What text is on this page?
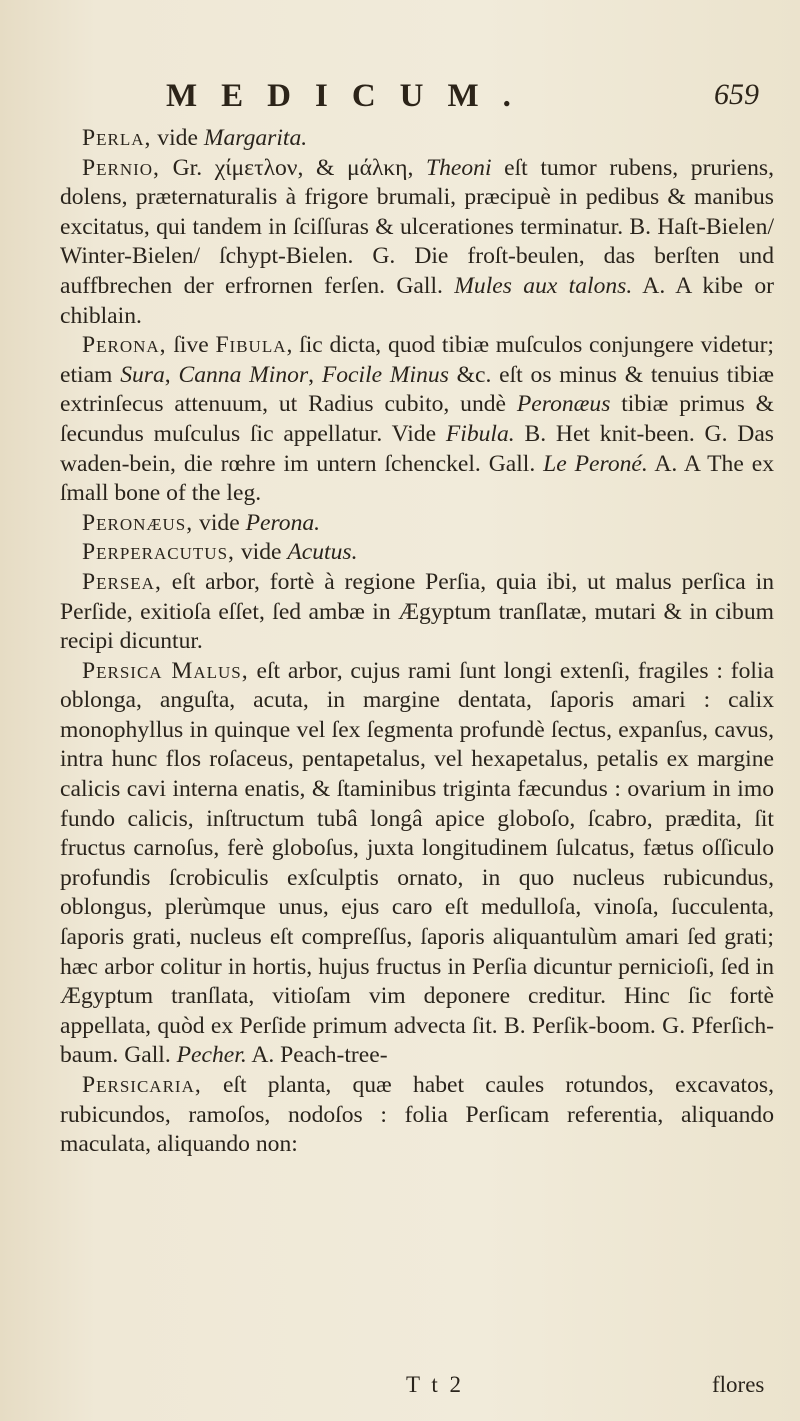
MEDICUM.	659

Perla, vide Margarita.

Pernio, Gr. χίμετλον, & μάλκη, Theoni eſt tumor rubens, pruriens, dolens, præternaturalis à frigore brumali, præcipuè in pedibus & manibus excitatus, qui tandem in ſciſſuras & ulcerationes terminatur. B. Haſt-Bielen/ Winter-Bielen/ ſchypt-Bielen. G. Die froſt-beulen, das berſten und auffbrechen der erfrornen ferſen. Gall. Mules aux talons. A. A kibe or chiblain.

Perona, ſive Fibula, ſic dicta, quod tibiæ muſculos conjungere videtur; etiam Sura, Canna Minor, Focile Minus &c. eſt os minus & tenuius tibiæ extrinſecus attenuum, ut Radius cubito, undè Peronæus tibiæ primus & ſecundus muſculus ſic appellatur. Vide Fibula. B. Het knit-been. G. Das waden-bein, die rœhre im untern ſchenckel. Gall. Le Peroné. A. A The ex ſmall bone of the leg.

Peronæus, vide Perona.

Perperacutus, vide Acutus.

Persea, eſt arbor, fortè à regione Perſia, quia ibi, ut malus perſica in Perſide, exitioſa eſſet, ſed ambæ in Ægyptum tranſlatæ, mutari & in cibum recipi dicuntur.

Persica Malus, eſt arbor, cujus rami ſunt longi extenſi, fragiles : folia oblonga, anguſta, acuta, in margine dentata, ſaporis amari : calix monophyllus in quinque vel ſex ſegmenta profundè ſectus, expanſus, cavus, intra hunc flos roſaceus, pentapetalus, vel hexapetalus, petalis ex margine calicis cavi interna enatis, & ſtaminibus triginta fæcundus : ovarium in imo fundo calicis, inſtructum tubâ longâ apice globoſo, ſcabro, prædita, ſit fructus carnoſus, ferè globoſus, juxta longitudinem ſulcatus, fætus oſſiculo profundis ſcrobiculis exſculptis ornato, in quo nucleus rubicundus, oblongus, plerùmque unus, ejus caro eſt medulloſa, vinoſa, ſucculenta, ſaporis grati, nucleus eſt compreſſus, ſaporis aliquantulùm amari ſed grati; hæc arbor colitur in hortis, hujus fructus in Perſia dicuntur pernicioſi, ſed in Ægyptum tranſlata, vitioſam vim deponere creditur. Hinc ſic fortè appellata, quòd ex Perſide primum advecta ſit. B. Perſik-boom. G. Pferſich-baum. Gall. Pecher. A. Peach-tree-

Persicaria, eſt planta, quæ habet caules rotundos, excavatos, rubicundos, ramoſos, nodoſos : folia Perſicam referentia, aliquando maculata, aliquando non:

T t 2	flores
